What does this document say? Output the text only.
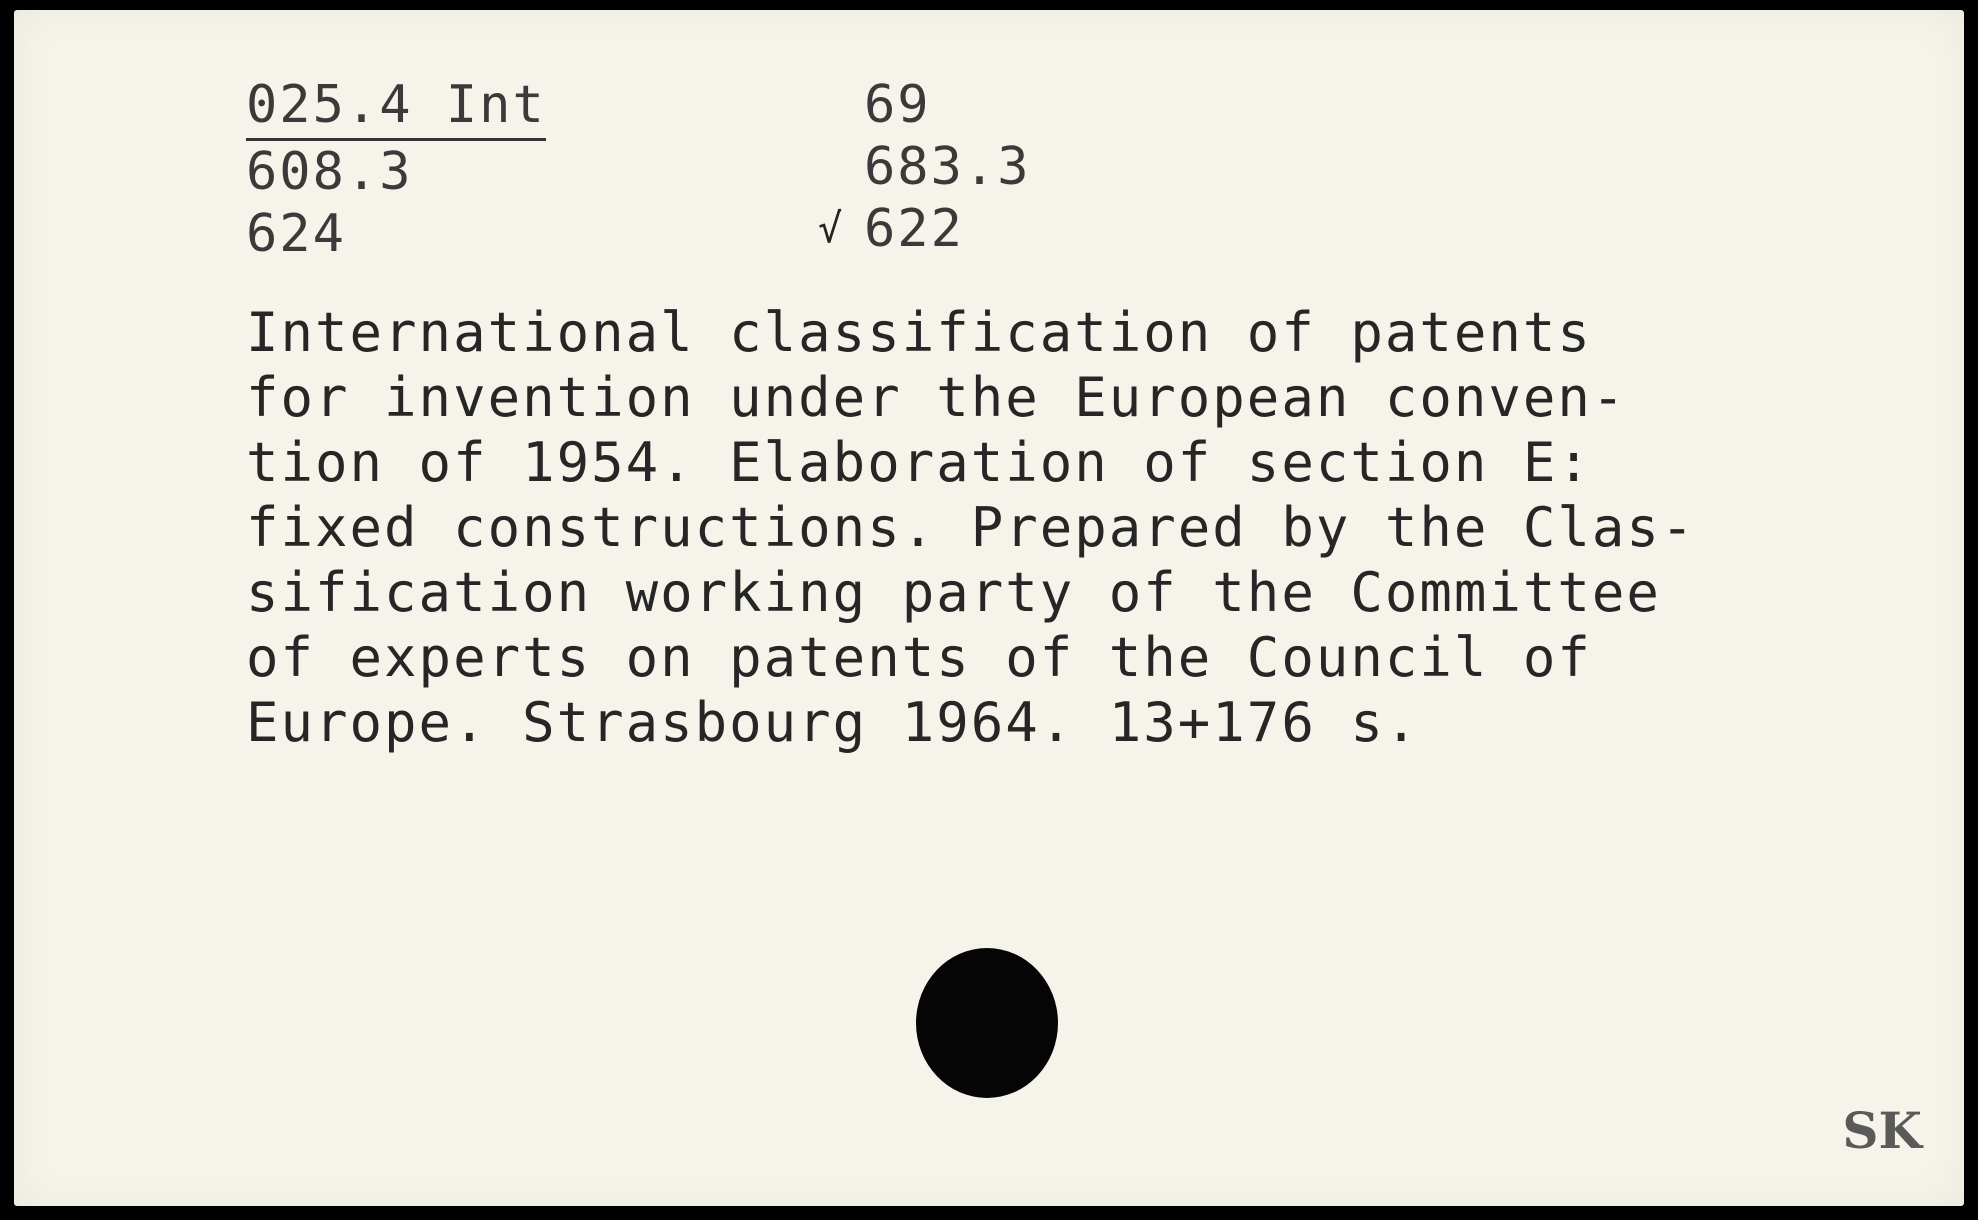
025.4 Int
608.3
624
69
683.3
√ 622
International classification of patents
for invention under the European conven-
tion of 1954. Elaboration of section E:
fixed constructions. Prepared by the Clas-
sification working party of the Committee
of experts on patents of the Council of
Europe. Strasbourg 1964. 13+176 s.
SK
